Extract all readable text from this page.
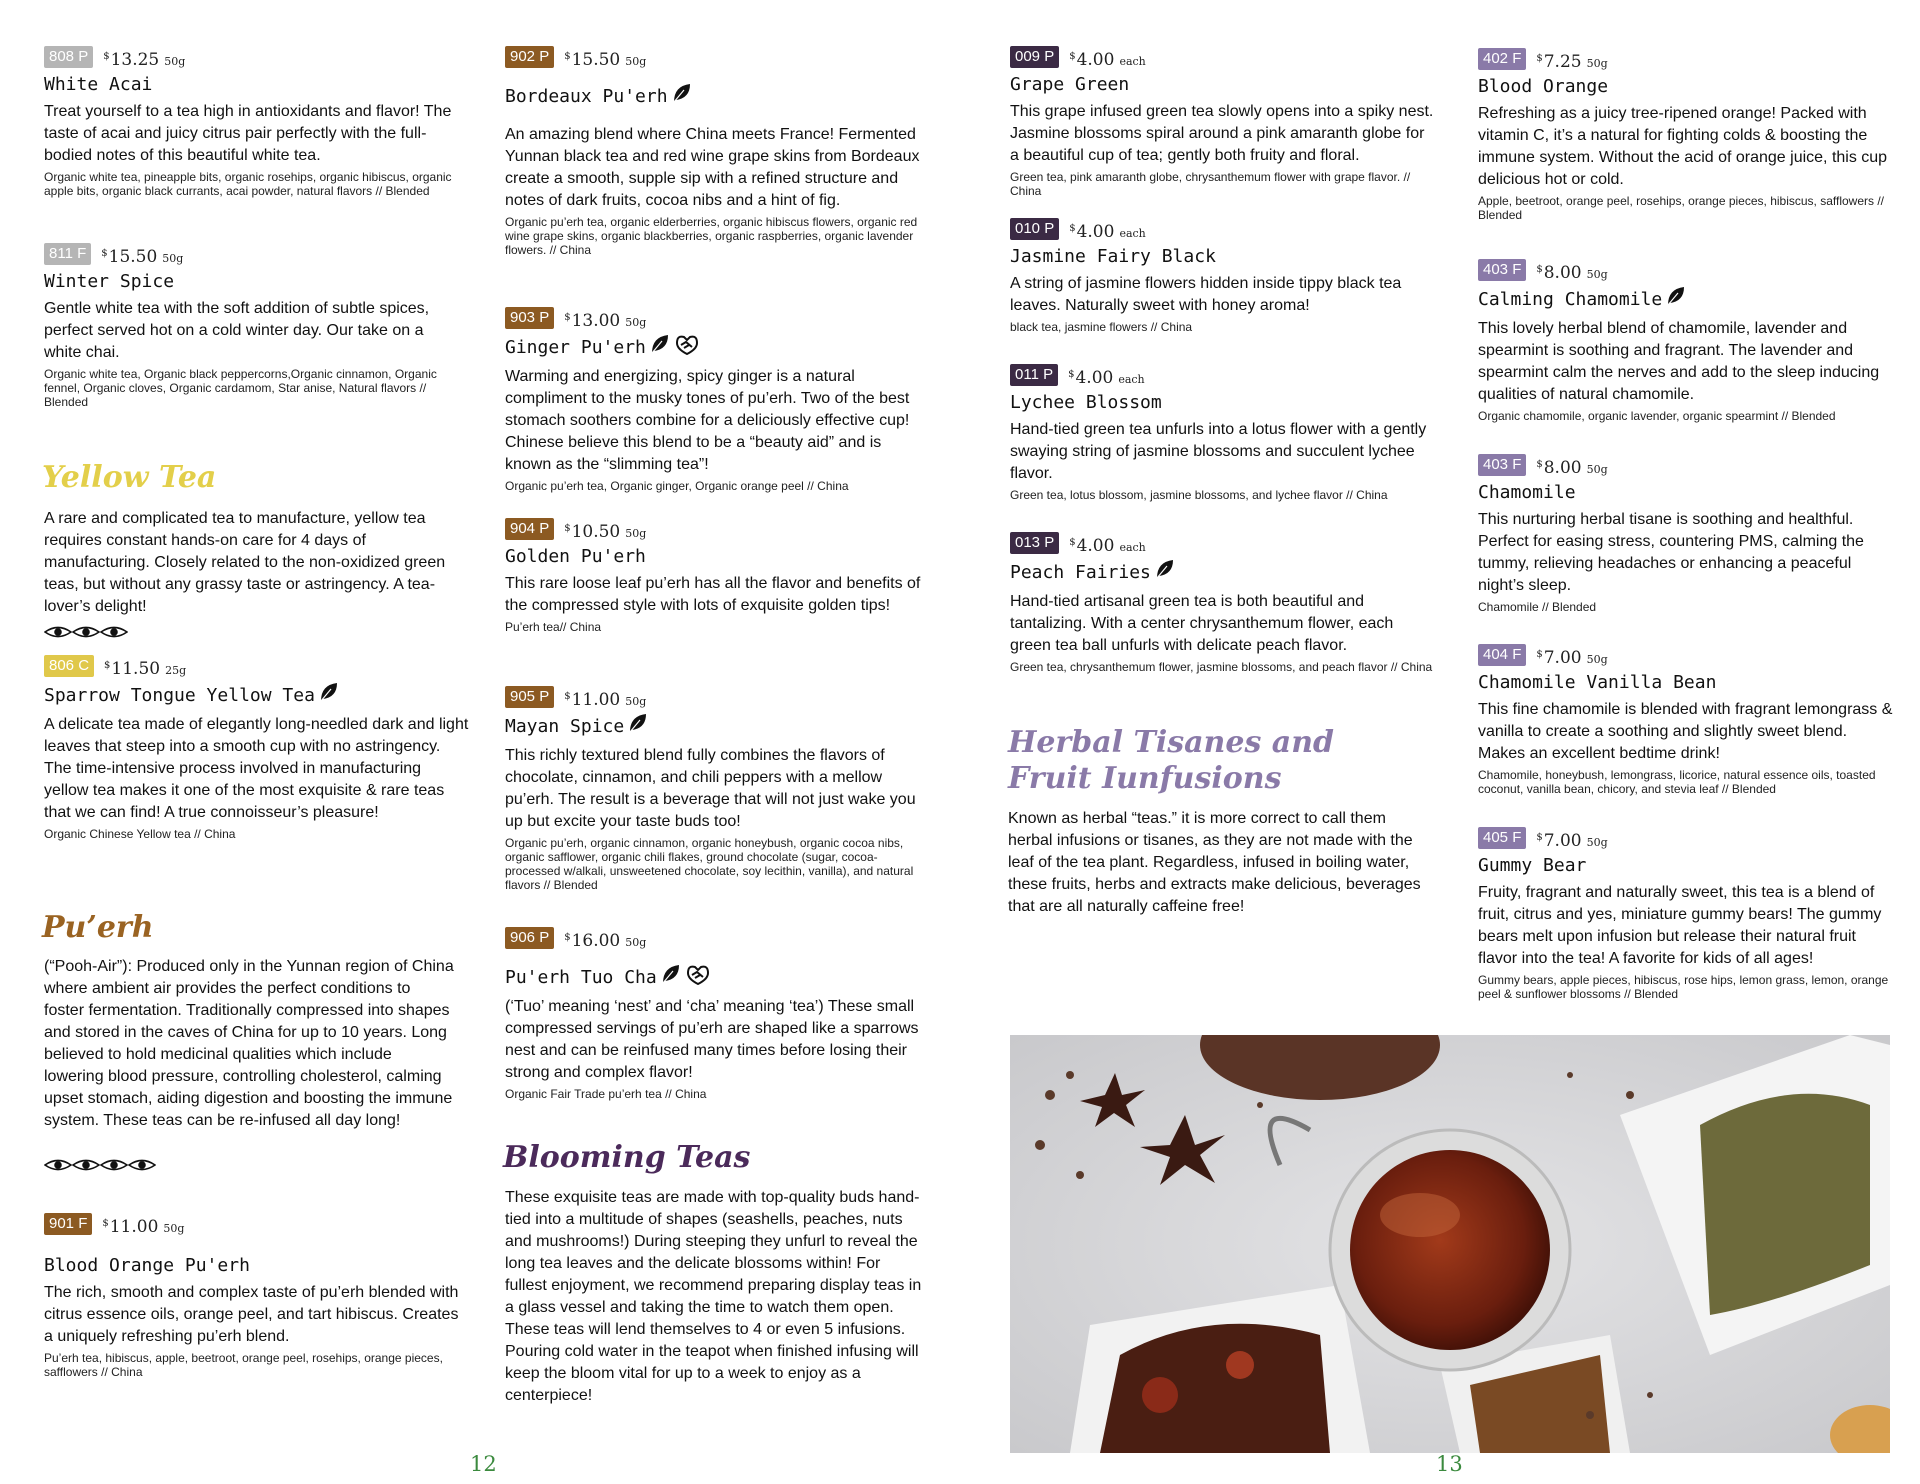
808 P	$13.25 50g
White Acai
Treat yourself to a tea high in antioxidants and flavor! The taste of acai and juicy citrus pair perfectly with the full-bodied notes of this beautiful white tea.
Organic white tea, pineapple bits, organic rosehips, organic hibiscus, organic apple bits, organic black currants, acai powder, natural flavors // Blended
811 F	$15.50 50g
Winter Spice
Gentle white tea with the soft addition of subtle spices, perfect served hot on a cold winter day. Our take on a white chai.
Organic white tea, Organic black peppercorns,Organic cinnamon, Organic fennel, Organic cloves, Organic cardamom, Star anise, Natural flavors // Blended
Yellow Tea
A rare and complicated tea to manufacture, yellow tea requires constant hands-on care for 4 days of manufacturing. Closely related to the non-oxidized green teas, but without any grassy taste or astringency. A tea-lover’s delight!
806 C	$11.50 25g
Sparrow Tongue Yellow Tea
A delicate tea made of elegantly long-needled dark and light leaves that steep into a smooth cup with no astringency. The time-intensive process involved in manufacturing yellow tea makes it one of the most exquisite & rare teas that we can find! A true connoisseur’s pleasure!
Organic Chinese Yellow tea // China
Pu’erh
(“Pooh-Air”): Produced only in the Yunnan region of China where ambient air provides the perfect conditions to foster fermentation. Traditionally compressed into shapes and stored in the caves of China for up to 10 years. Long believed to hold medicinal qualities which include lowering blood pressure, controlling cholesterol, calming upset stomach, aiding digestion and boosting the immune system. These teas can be re-infused all day long!
901 F	$11.00 50g
Blood Orange Pu'erh
The rich, smooth and complex taste of pu’erh blended with citrus essence oils, orange peel, and tart hibiscus. Creates a uniquely refreshing pu’erh blend.
Pu’erh tea, hibiscus, apple, beetroot, orange peel, rosehips, orange pieces, safflowers // China
902 P	$15.50 50g
Bordeaux Pu'erh
An amazing blend where China meets France! Fermented Yunnan black tea and red wine grape skins from Bordeaux create a smooth, supple sip with a refined structure and notes of dark fruits, cocoa nibs and a hint of fig.
Organic pu’erh tea, organic elderberries, organic hibiscus flowers, organic red wine grape skins, organic blackberries, organic raspberries, organic lavender flowers. // China
903 P	$13.00 50g
Ginger Pu'erh
Warming and energizing, spicy ginger is a natural compliment to the musky tones of pu’erh. Two of the best stomach soothers combine for a deliciously effective cup! Chinese believe this blend to be a “beauty aid” and is known as the “slimming tea”!
Organic pu’erh tea, Organic ginger, Organic orange peel // China
904 P	$10.50 50g
Golden Pu'erh
This rare loose leaf pu’erh has all the flavor and benefits of the compressed style with lots of exquisite golden tips!
Pu’erh tea// China
905 P	$11.00 50g
Mayan Spice
This richly textured blend fully combines the flavors of chocolate, cinnamon, and chili peppers with a mellow pu’erh. The result is a beverage that will not just wake you up but excite your taste buds too!
Organic pu’erh, organic cinnamon, organic honeybush, organic cocoa nibs, organic safflower, organic chili flakes, ground chocolate (sugar, cocoa-processed w/alkali, unsweetened chocolate, soy lecithin, vanilla), and natural flavors // Blended
906 P	$16.00 50g
Pu'erh Tuo Cha
(‘Tuo’ meaning ‘nest’ and ‘cha’ meaning ‘tea’) These small compressed servings of pu’erh are shaped like a sparrows nest and can be reinfused many times before losing their strong and complex flavor!
Organic Fair Trade pu’erh tea // China
Blooming Teas
These exquisite teas are made with top-quality buds hand-tied into a multitude of shapes (seashells, peaches, nuts and mushrooms!) During steeping they unfurl to reveal the long tea leaves and the delicate blossoms within! For fullest enjoyment, we recommend preparing display teas in a glass vessel and taking the time to watch them open. These teas will lend themselves to 4 or even 5 infusions. Pouring cold water in the teapot when finished infusing will keep the bloom vital for up to a week to enjoy as a centerpiece!
12
009 P	$4.00 each
Grape Green
This grape infused green tea slowly opens into a spiky nest. Jasmine blossoms spiral around a pink amaranth globe for a beautiful cup of tea; gently both fruity and floral.
Green tea, pink amaranth globe, chrysanthemum flower with grape flavor. // China
010 P	$4.00 each
Jasmine Fairy Black
A string of jasmine flowers hidden inside tippy black tea leaves. Naturally sweet with honey aroma!
black tea, jasmine flowers // China
011 P	$4.00 each
Lychee Blossom
Hand-tied green tea unfurls into a lotus flower with a gently swaying string of jasmine blossoms and succulent lychee flavor.
Green tea, lotus blossom, jasmine blossoms, and lychee flavor // China
013 P	$4.00 each
Peach Fairies
Hand-tied artisanal green tea is both beautiful and tantalizing. With a center chrysanthemum flower, each green tea ball unfurls with delicate peach flavor.
Green tea, chrysanthemum flower, jasmine blossoms, and peach flavor // China
Herbal Tisanes and
Fruit Iunfusions
Known as herbal “teas.” it is more correct to call them herbal infusions or tisanes, as they are not made with the leaf of the tea plant. Regardless, infused in boiling water, these fruits, herbs and extracts make delicious, beverages that are all naturally caffeine free!
402 F	$7.25 50g
Blood Orange
Refreshing as a juicy tree-ripened orange! Packed with vitamin C, it’s a natural for fighting colds & boosting the immune system. Without the acid of orange juice, this cup delicious hot or cold.
Apple, beetroot, orange peel, rosehips, orange pieces, hibiscus, safflowers // Blended
403 F	$8.00 50g
Calming Chamomile
This lovely herbal blend of chamomile, lavender and spearmint is soothing and fragrant. The lavender and spearmint calm the nerves and add to the sleep inducing qualities of natural chamomile.
Organic chamomile, organic lavender, organic spearmint // Blended
403 F	$8.00 50g
Chamomile
This nurturing herbal tisane is soothing and healthful. Perfect for easing stress, countering PMS, calming the tummy, relieving headaches or enhancing a peaceful night’s sleep.
Chamomile // Blended
404 F	$7.00 50g
Chamomile Vanilla Bean
This fine chamomile is blended with fragrant lemongrass & vanilla to create a soothing and slightly sweet blend. Makes an excellent bedtime drink!
Chamomile, honeybush, lemongrass, licorice, natural essence oils, toasted coconut, vanilla bean, chicory, and stevia leaf // Blended
405 F	$7.00 50g
Gummy Bear
Fruity, fragrant and naturally sweet, this tea is a blend of fruit, citrus and yes, miniature gummy bears! The gummy bears melt upon infusion but release their natural fruit flavor into the tea! A favorite for kids of all ages!
Gummy bears, apple pieces, hibiscus, rose hips, lemon grass, lemon, orange peel & sunflower blossoms // Blended
13
